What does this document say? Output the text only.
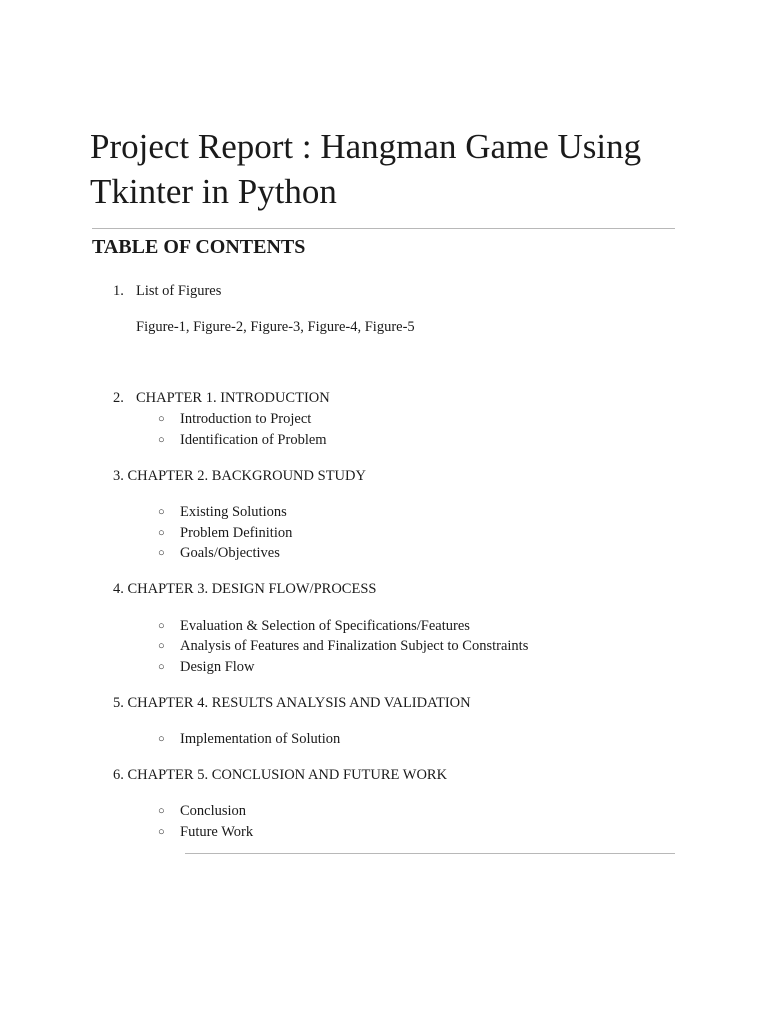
Project Report : Hangman Game Using Tkinter in Python
TABLE OF CONTENTS
1. List of Figures
Figure-1, Figure-2, Figure-3, Figure-4, Figure-5
2. CHAPTER 1. INTRODUCTION
○ Introduction to Project
○ Identification of Problem
3. CHAPTER 2. BACKGROUND STUDY
○ Existing Solutions
○ Problem Definition
○ Goals/Objectives
4. CHAPTER 3. DESIGN FLOW/PROCESS
○ Evaluation & Selection of Specifications/Features
○ Analysis of Features and Finalization Subject to Constraints
○ Design Flow
5. CHAPTER 4. RESULTS ANALYSIS AND VALIDATION
○ Implementation of Solution
6. CHAPTER 5. CONCLUSION AND FUTURE WORK
○ Conclusion
○ Future Work
